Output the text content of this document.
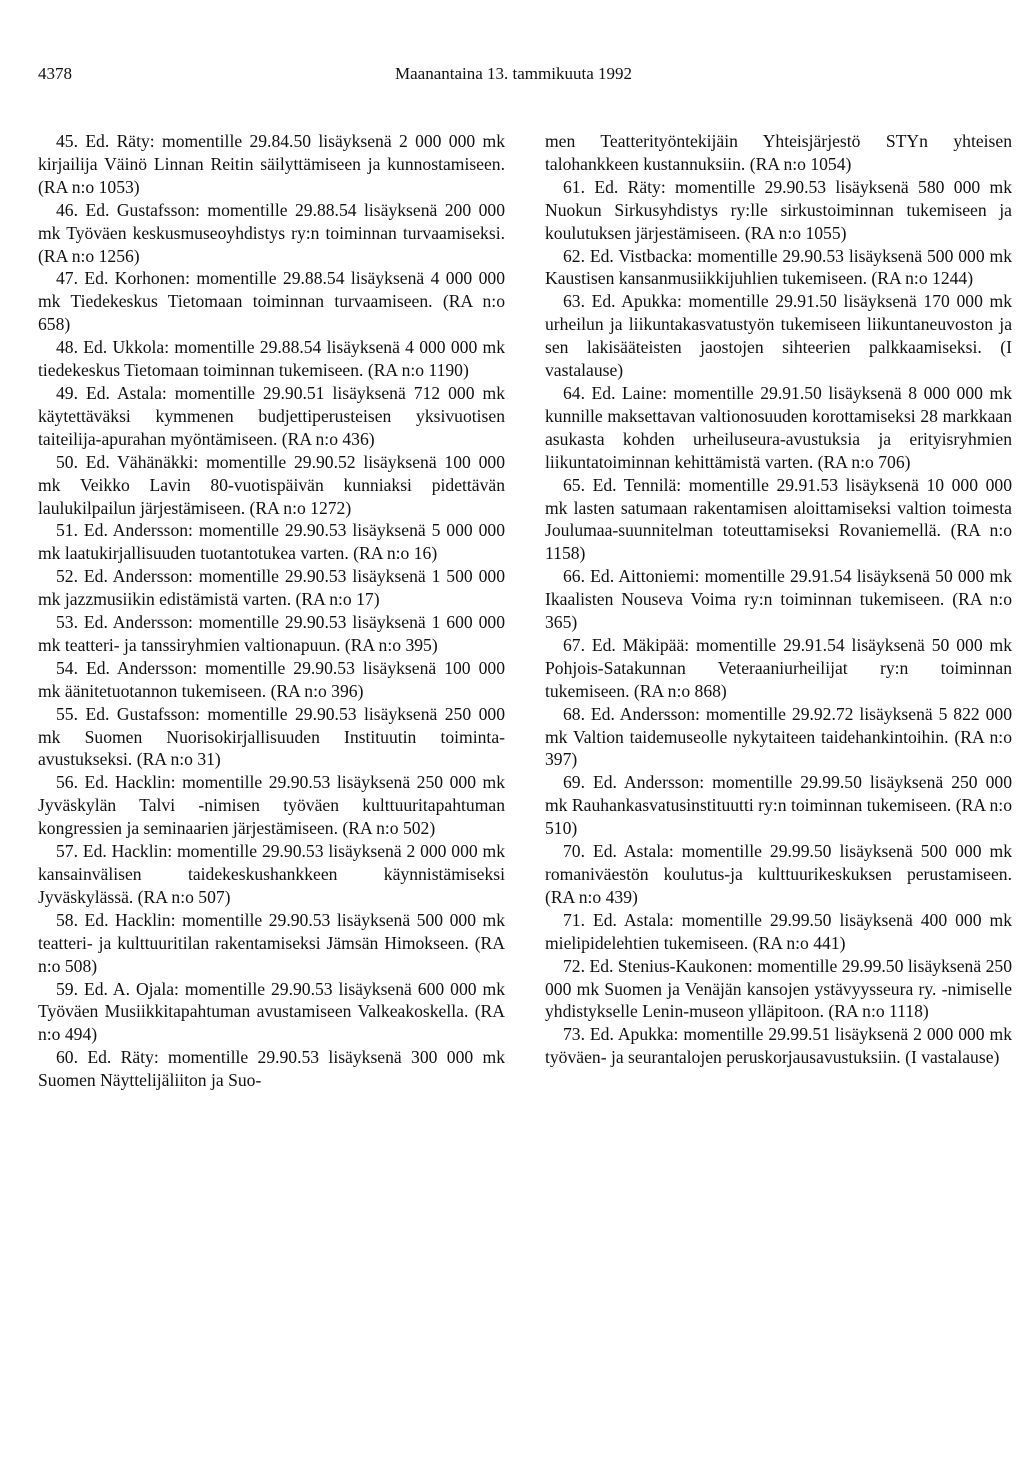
4378	Maanantaina 13. tammikuuta 1992

45. Ed. Räty: momentille 29.84.50 lisäyksenä 2 000 000 mk kirjailija Väinö Linnan Reitin säilyttämiseen ja kunnostamiseen. (RA n:o 1053)

46. Ed. Gustafsson: momentille 29.88.54 lisäyksenä 200 000 mk Työväen keskusmuseoyhdistys ry:n toiminnan turvaamiseksi. (RA n:o 1256)

47. Ed. Korhonen: momentille 29.88.54 lisäyksenä 4 000 000 mk Tiedekeskus Tietomaan toiminnan turvaamiseen. (RA n:o 658)

48. Ed. Ukkola: momentille 29.88.54 lisäyksenä 4 000 000 mk tiedekeskus Tietomaan toiminnan tukemiseen. (RA n:o 1190)

49. Ed. Astala: momentille 29.90.51 lisäyksenä 712 000 mk käytettäväksi kymmenen budjettiperusteisen yksivuotisen taiteilija-apurahan myöntämiseen. (RA n:o 436)

50. Ed. Vähänäkki: momentille 29.90.52 lisäyksenä 100 000 mk Veikko Lavin 80-vuotispäivän kunniaksi pidettävän laulukilpailun järjestämiseen. (RA n:o 1272)

51. Ed. Andersson: momentille 29.90.53 lisäyksenä 5 000 000 mk laatukirjallisuuden tuotantotukea varten. (RA n:o 16)

52. Ed. Andersson: momentille 29.90.53 lisäyksenä 1 500 000 mk jazzmusiikin edistämistä varten. (RA n:o 17)

53. Ed. Andersson: momentille 29.90.53 lisäyksenä 1 600 000 mk teatteri- ja tanssiryhmien valtionapuun. (RA n:o 395)

54. Ed. Andersson: momentille 29.90.53 lisäyksenä 100 000 mk äänitetuotannon tukemiseen. (RA n:o 396)

55. Ed. Gustafsson: momentille 29.90.53 lisäyksenä 250 000 mk Suomen Nuorisokirjallisuuden Instituutin toiminta-avustukseksi. (RA n:o 31)

56. Ed. Hacklin: momentille 29.90.53 lisäyksenä 250 000 mk Jyväskylän Talvi -nimisen työväen kulttuuritapahtuman kongressien ja seminaarien järjestämiseen. (RA n:o 502)

57. Ed. Hacklin: momentille 29.90.53 lisäyksenä 2 000 000 mk kansainvälisen taidekeskushankkeen käynnistämiseksi Jyväskylässä. (RA n:o 507)

58. Ed. Hacklin: momentille 29.90.53 lisäyksenä 500 000 mk teatteri- ja kulttuuritilan rakentamiseksi Jämsän Himokseen. (RA n:o 508)

59. Ed. A. Ojala: momentille 29.90.53 lisäyksenä 600 000 mk Työväen Musiikkitapahtuman avustamiseen Valkeakoskella. (RA n:o 494)

60. Ed. Räty: momentille 29.90.53 lisäyksenä 300 000 mk Suomen Näyttelijäliiton ja Suo-

men Teatterityöntekijäin Yhteisjärjestö STYn yhteisen talohankkeen kustannuksiin. (RA n:o 1054)

61. Ed. Räty: momentille 29.90.53 lisäyksenä 580 000 mk Nuokun Sirkusyhdistys ry:lle sirkustoiminnan tukemiseen ja koulutuksen järjestämiseen. (RA n:o 1055)

62. Ed. Vistbacka: momentille 29.90.53 lisäyksenä 500 000 mk Kaustisen kansanmusiikkijuhlien tukemiseen. (RA n:o 1244)

63. Ed. Apukka: momentille 29.91.50 lisäyksenä 170 000 mk urheilun ja liikuntakasvatustyön tukemiseen liikuntaneuvoston ja sen lakisääteisten jaostojen sihteerien palkkaamiseksi. (I vastalause)

64. Ed. Laine: momentille 29.91.50 lisäyksenä 8 000 000 mk kunnille maksettavan valtionosuuden korottamiseksi 28 markkaan asukasta kohden urheiluseura-avustuksia ja erityisryhmien liikuntatoiminnan kehittämistä varten. (RA n:o 706)

65. Ed. Tennilä: momentille 29.91.53 lisäyksenä 10 000 000 mk lasten satumaan rakentamisen aloittamiseksi valtion toimesta Joulumaa-suunnitelman toteuttamiseksi Rovaniemellä. (RA n:o 1158)

66. Ed. Aittoniemi: momentille 29.91.54 lisäyksenä 50 000 mk Ikaalisten Nouseva Voima ry:n toiminnan tukemiseen. (RA n:o 365)

67. Ed. Mäkipää: momentille 29.91.54 lisäyksenä 50 000 mk Pohjois-Satakunnan Veteraaniurheilijat ry:n toiminnan tukemiseen. (RA n:o 868)

68. Ed. Andersson: momentille 29.92.72 lisäyksenä 5 822 000 mk Valtion taidemuseolle nykytaiteen taidehankintoihin. (RA n:o 397)

69. Ed. Andersson: momentille 29.99.50 lisäyksenä 250 000 mk Rauhankasvatusinstituutti ry:n toiminnan tukemiseen. (RA n:o 510)

70. Ed. Astala: momentille 29.99.50 lisäyksenä 500 000 mk romaniväestön koulutus-ja kulttuurikeskuksen perustamiseen. (RA n:o 439)

71. Ed. Astala: momentille 29.99.50 lisäyksenä 400 000 mk mielipidelehtien tukemiseen. (RA n:o 441)

72. Ed. Stenius-Kaukonen: momentille 29.99.50 lisäyksenä 250 000 mk Suomen ja Venäjän kansojen ystävyysseura ry. -nimiselle yhdistykselle Lenin-museon ylläpitoon. (RA n:o 1118)

73. Ed. Apukka: momentille 29.99.51 lisäyksenä 2 000 000 mk työväen- ja seurantalojen peruskorjausavustuksiin. (I vastalause)
